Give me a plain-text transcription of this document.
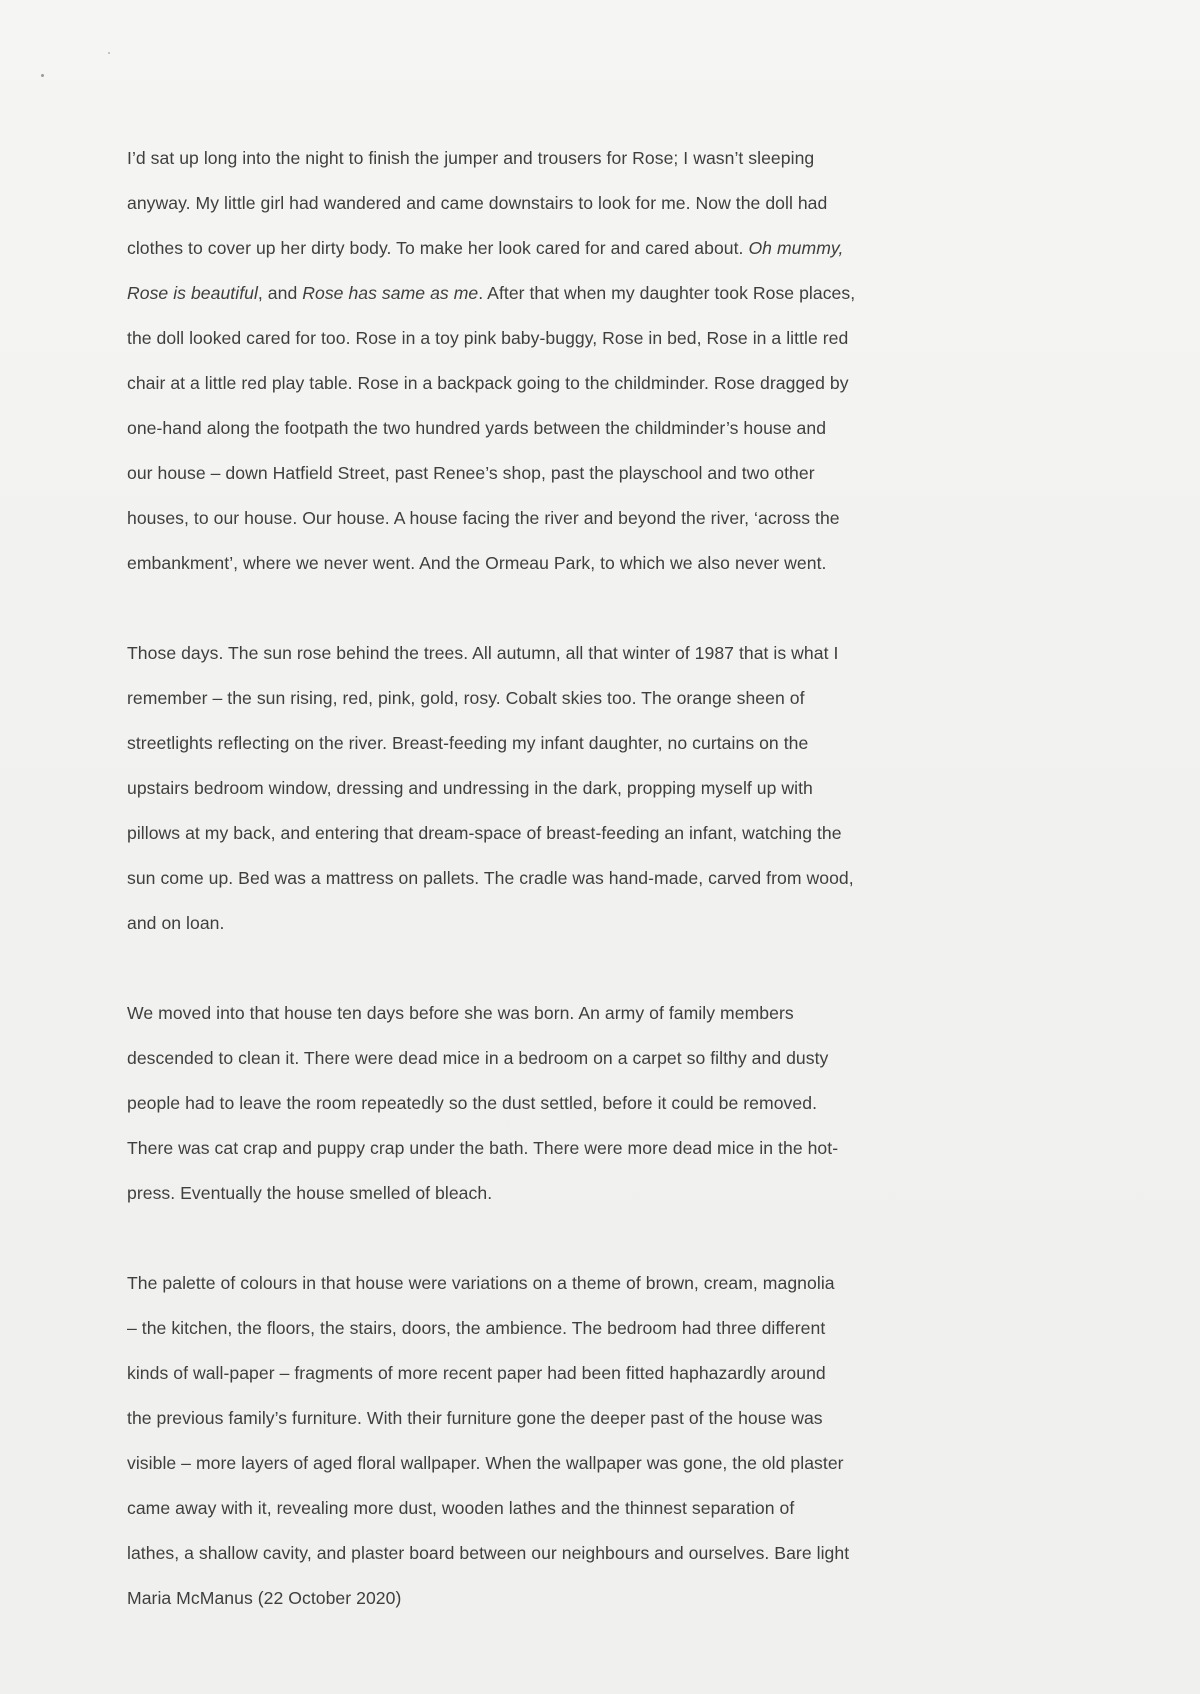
I’d sat up long into the night to finish the jumper and trousers for Rose; I wasn’t sleeping
anyway. My little girl had wandered and came downstairs to look for me. Now the doll had
clothes to cover up her dirty body. To make her look cared for and cared about. Oh mummy,
Rose is beautiful, and Rose has same as me. After that when my daughter took Rose places,
the doll looked cared for too. Rose in a toy pink baby-buggy, Rose in bed, Rose in a little red
chair at a little red play table. Rose in a backpack going to the childminder. Rose dragged by
one-hand along the footpath the two hundred yards between the childminder’s house and
our house – down Hatfield Street, past Renee’s shop, past the playschool and two other
houses, to our house. Our house. A house facing the river and beyond the river, ‘across the
embankment’, where we never went. And the Ormeau Park, to which we also never went.

Those days. The sun rose behind the trees. All autumn, all that winter of 1987 that is what I
remember – the sun rising, red, pink, gold, rosy. Cobalt skies too. The orange sheen of
streetlights reflecting on the river. Breast-feeding my infant daughter, no curtains on the
upstairs bedroom window, dressing and undressing in the dark, propping myself up with
pillows at my back, and entering that dream-space of breast-feeding an infant, watching the
sun come up. Bed was a mattress on pallets. The cradle was hand-made, carved from wood,
and on loan.

We moved into that house ten days before she was born. An army of family members
descended to clean it. There were dead mice in a bedroom on a carpet so filthy and dusty
people had to leave the room repeatedly so the dust settled, before it could be removed.
There was cat crap and puppy crap under the bath. There were more dead mice in the hot-
press. Eventually the house smelled of bleach.

The palette of colours in that house were variations on a theme of brown, cream, magnolia
– the kitchen, the floors, the stairs, doors, the ambience. The bedroom had three different
kinds of wall-paper – fragments of more recent paper had been fitted haphazardly around
the previous family’s furniture. With their furniture gone the deeper past of the house was
visible – more layers of aged floral wallpaper. When the wallpaper was gone, the old plaster
came away with it, revealing more dust, wooden lathes and the thinnest separation of
lathes, a shallow cavity, and plaster board between our neighbours and ourselves. Bare light
Maria McManus (22 October 2020)
